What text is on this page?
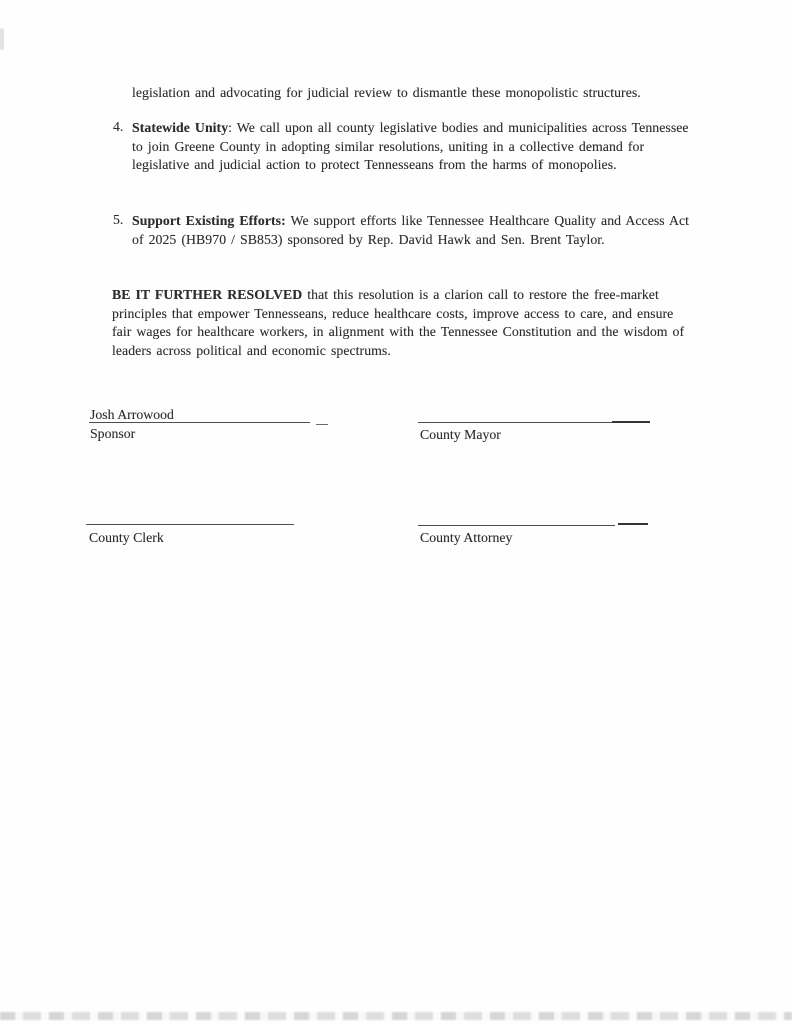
legislation and advocating for judicial review to dismantle these monopolistic structures.
4. Statewide Unity: We call upon all county legislative bodies and municipalities across Tennessee to join Greene County in adopting similar resolutions, uniting in a collective demand for legislative and judicial action to protect Tennesseans from the harms of monopolies.
5. Support Existing Efforts: We support efforts like Tennessee Healthcare Quality and Access Act of 2025 (HB970 / SB853) sponsored by Rep. David Hawk and Sen. Brent Taylor.
BE IT FURTHER RESOLVED that this resolution is a clarion call to restore the free-market principles that empower Tennesseans, reduce healthcare costs, improve access to care, and ensure fair wages for healthcare workers, in alignment with the Tennessee Constitution and the wisdom of leaders across political and economic spectrums.
Josh Arrowood
Sponsor	County Mayor
County Clerk	County Attorney
